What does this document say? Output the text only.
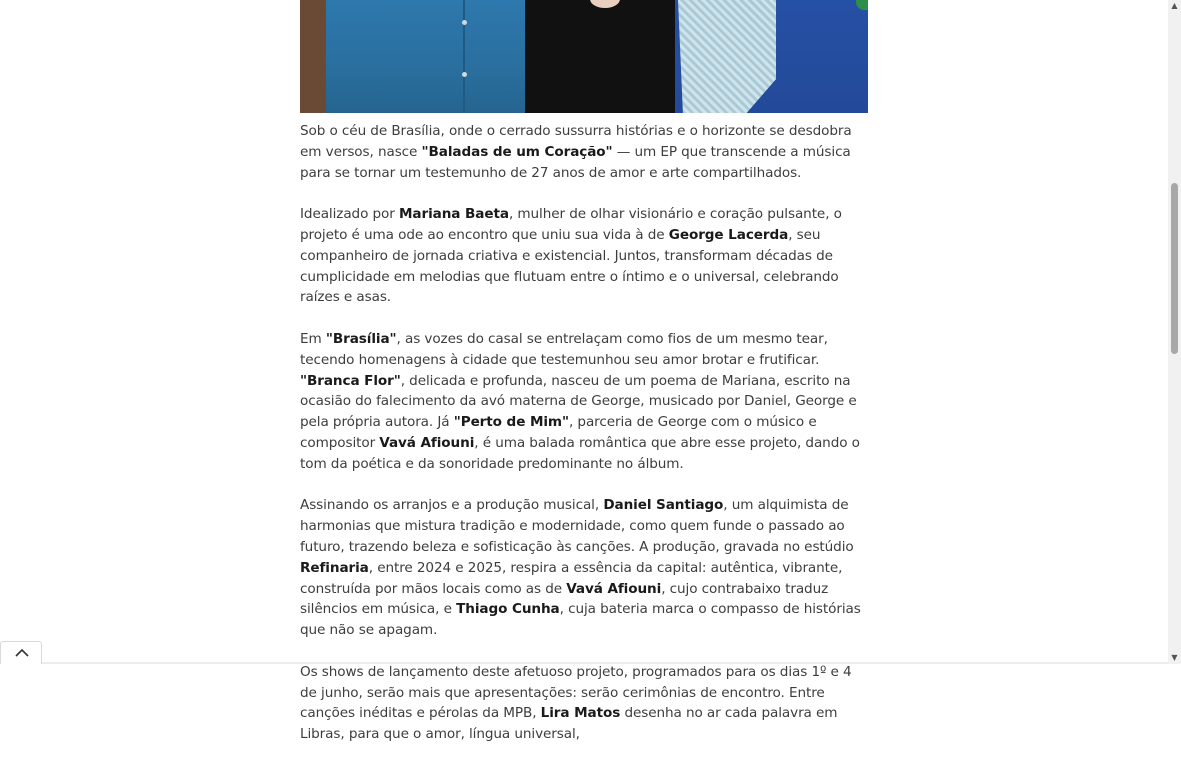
Sob o céu de Brasília, onde o cerrado sussurra histórias e o horizonte se desdobra em versos, nasce "Baladas de um Coração" — um EP que transcende a música para se tornar um testemunho de 27 anos de amor e arte compartilhados.

Idealizado por Mariana Baeta, mulher de olhar visionário e coração pulsante, o projeto é uma ode ao encontro que uniu sua vida à de George Lacerda, seu companheiro de jornada criativa e existencial. Juntos, transformam décadas de cumplicidade em melodias que flutuam entre o íntimo e o universal, celebrando raízes e asas.

Em "Brasília", as vozes do casal se entrelaçam como fios de um mesmo tear, tecendo homenagens à cidade que testemunhou seu amor brotar e frutificar. "Branca Flor", delicada e profunda, nasceu de um poema de Mariana, escrito na ocasião do falecimento da avó materna de George, musicado por Daniel, George e pela própria autora. Já "Perto de Mim", parceria de George com o músico e compositor Vavá Afiouni, é uma balada romântica que abre esse projeto, dando o tom da poética e da sonoridade predominante no álbum.

Assinando os arranjos e a produção musical, Daniel Santiago, um alquimista de harmonias que mistura tradição e modernidade, como quem funde o passado ao futuro, trazendo beleza e sofisticação às canções. A produção, gravada no estúdio Refinaria, entre 2024 e 2025, respira a essência da capital: autêntica, vibrante, construída por mãos locais como as de Vavá Afiouni, cujo contrabaixo traduz silêncios em música, e Thiago Cunha, cuja bateria marca o compasso de histórias que não se apagam.

Os shows de lançamento deste afetuoso projeto, programados para os dias 1º e 4 de junho, serão mais que apresentações: serão cerimônias de encontro. Entre canções inéditas e pérolas da MPB, Lira Matos desenha no ar cada palavra em Libras, para que o amor, língua universal,

▲
▼
